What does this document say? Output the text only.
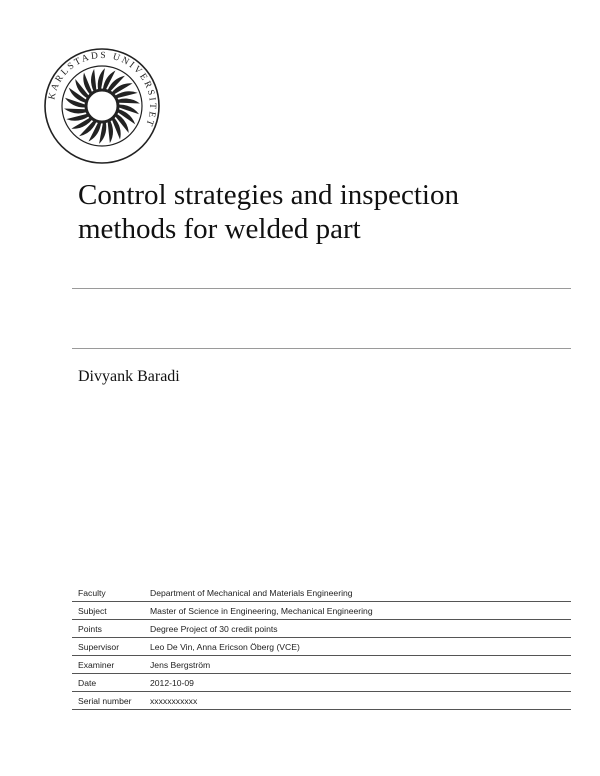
KARLSTADS UNIVERSITET
Control strategies and inspection
methods for welded part
Divyank Baradi
Faculty	Department of Mechanical and Materials Engineering
Subject	Master of Science in Engineering, Mechanical Engineering
Points	Degree Project of 30 credit points
Supervisor	Leo De Vin, Anna Ericson Öberg (VCE)
Examiner	Jens Bergström
Date	2012-10-09
Serial number	xxxxxxxxxxx
